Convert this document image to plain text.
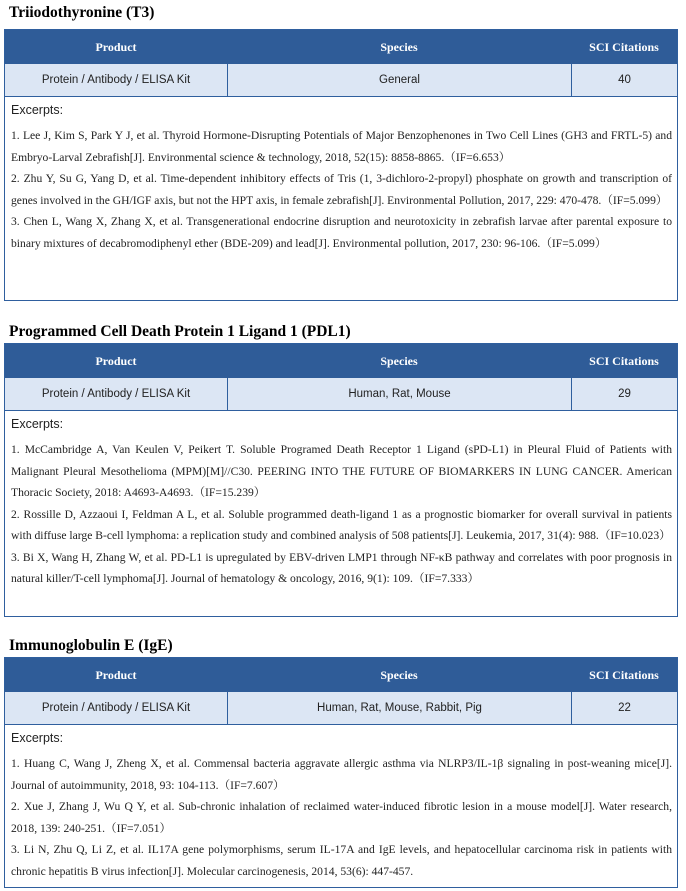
Triiodothyronine (T3)
Product	Species	SCI Citations
Protein / Antibody / ELISA Kit	General	40
Excerpts:

1. Lee J, Kim S, Park Y J, et al. Thyroid Hormone-Disrupting Potentials of Major Benzophenones in Two Cell Lines (GH3 and FRTL-5) and Embryo-Larval Zebrafish[J]. Environmental science & technology, 2018, 52(15): 8858-8865.（IF=6.653）

2. Zhu Y, Su G, Yang D, et al. Time-dependent inhibitory effects of Tris (1, 3-dichloro-2-propyl) phosphate on growth and transcription of genes involved in the GH/IGF axis, but not the HPT axis, in female zebrafish[J]. Environmental Pollution, 2017, 229: 470-478.（IF=5.099）

3. Chen L, Wang X, Zhang X, et al. Transgenerational endocrine disruption and neurotoxicity in zebrafish larvae after parental exposure to binary mixtures of decabromodiphenyl ether (BDE-209) and lead[J]. Environmental pollution, 2017, 230: 96-106.（IF=5.099）

Programmed Cell Death Protein 1 Ligand 1 (PDL1)
Product	Species	SCI Citations
Protein / Antibody / ELISA Kit	Human, Rat, Mouse	29
Excerpts:

1. McCambridge A, Van Keulen V, Peikert T. Soluble Programed Death Receptor 1 Ligand (sPD-L1) in Pleural Fluid of Patients with Malignant Pleural Mesothelioma (MPM)[M]//C30. PEERING INTO THE FUTURE OF BIOMARKERS IN LUNG CANCER. American Thoracic Society, 2018: A4693-A4693.（IF=15.239）

2. Rossille D, Azzaoui I, Feldman A L, et al. Soluble programmed death-ligand 1 as a prognostic biomarker for overall survival in patients with diffuse large B-cell lymphoma: a replication study and combined analysis of 508 patients[J]. Leukemia, 2017, 31(4): 988.（IF=10.023）

3. Bi X, Wang H, Zhang W, et al. PD-L1 is upregulated by EBV-driven LMP1 through NF-κB pathway and correlates with poor prognosis in natural killer/T-cell lymphoma[J]. Journal of hematology & oncology, 2016, 9(1): 109.（IF=7.333）

Immunoglobulin E (IgE)
Product	Species	SCI Citations
Protein / Antibody / ELISA Kit	Human, Rat, Mouse, Rabbit, Pig	22
Excerpts:

1. Huang C, Wang J, Zheng X, et al. Commensal bacteria aggravate allergic asthma via NLRP3/IL-1β signaling in post-weaning mice[J]. Journal of autoimmunity, 2018, 93: 104-113.（IF=7.607）

2. Xue J, Zhang J, Wu Q Y, et al. Sub-chronic inhalation of reclaimed water-induced fibrotic lesion in a mouse model[J]. Water research, 2018, 139: 240-251.（IF=7.051）

3. Li N, Zhu Q, Li Z, et al. IL17A gene polymorphisms, serum IL-17A and IgE levels, and hepatocellular carcinoma risk in patients with chronic hepatitis B virus infection[J]. Molecular carcinogenesis, 2014, 53(6): 447-457.
